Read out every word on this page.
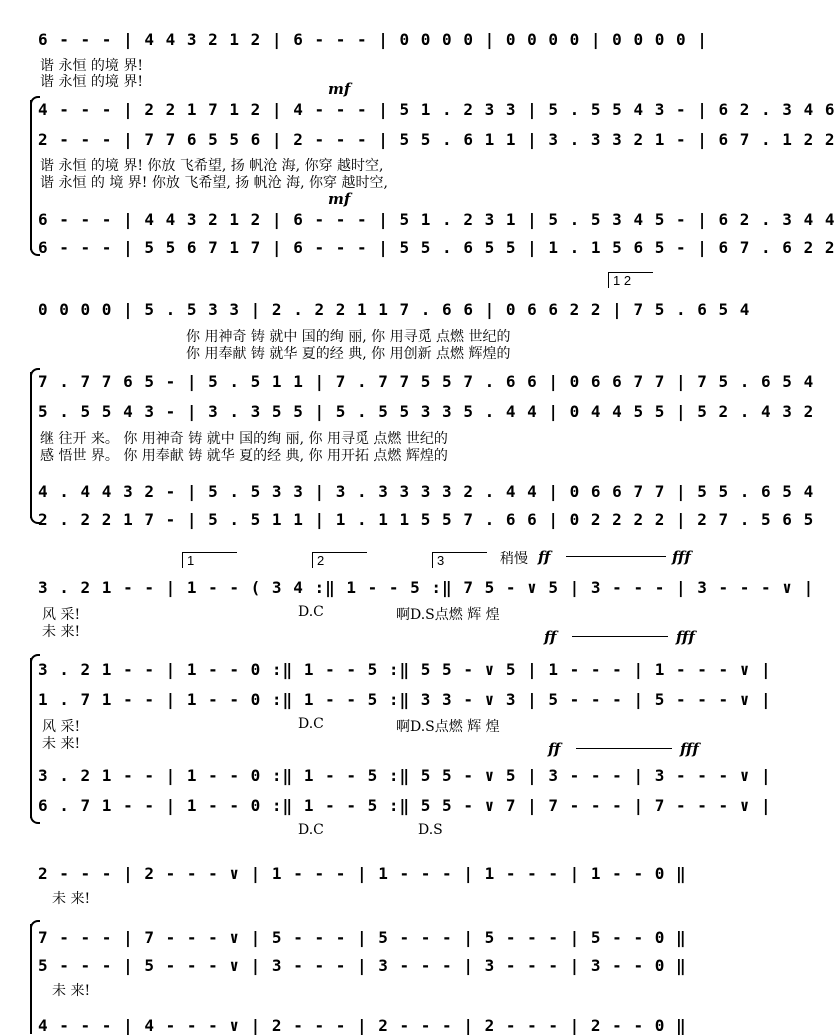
6 - - - | 4 4 3 2 1 2 | 6 - - - | 0 0 0 0 | 0 0 0 0 | 0 0 0 0 |
谐 永恒 的境 界!
谐 永恒 的境 界!	mf
4 - - - | 2 2 1 7 1 2 | 4 - - - | 5 1 . 2 3 3 | 5 . 5 5 4 3 - | 6 2 . 3 4 6
2 - - - | 7 7 6 5 5 6 | 2 - - - | 5 5 . 6 1 1 | 3 . 3 3 2 1 - | 6 7 . 1 2 2
谐 永恒 的境 界! 你放 飞希望, 扬 帆沧 海, 你穿 越时空,
谐 永恒 的 境 界! 你放 飞希望, 扬 帆沧 海, 你穿 越时空,
mf
6 - - - | 4 4 3 2 1 2 | 6 - - - | 5 1 . 2 3 1 | 5 . 5 3 4 5 - | 6 2 . 3 4 4
6 - - - | 5 5 6 7 1 7 | 6 - - - | 5 5 . 6 5 5 | 1 . 1 5 6 5 - | 6 7 . 6 2 2
1 2
0 0 0 0 | 5 . 5 3 3 | 2 . 2 2 1 1 7 . 6 6 | 0 6 6 2 2 | 7 5 . 6 5 4
你 用神奇 铸 就中 国的绚 丽, 你 用寻觅 点燃 世纪的
你 用奉献 铸 就华 夏的经 典, 你 用创新 点燃 辉煌的
7 . 7 7 6 5 - | 5 . 5 1 1 | 7 . 7 7 5 5 7 . 6 6 | 0 6 6 7 7 | 7 5 . 6 5 4
5 . 5 5 4 3 - | 3 . 3 5 5 | 5 . 5 5 3 3 5 . 4 4 | 0 4 4 5 5 | 5 2 . 4 3 2
继 往开 来。 你 用神奇 铸 就中 国的绚 丽, 你 用寻觅 点燃 世纪的
感 悟世 界。 你 用奉献 铸 就华 夏的经 典, 你 用开拓 点燃 辉煌的
4 . 4 4 3 2 - | 5 . 5 3 3 | 3 . 3 3 3 3 2 . 4 4 | 0 6 6 7 7 | 5 5 . 6 5 4
2 . 2 2 1 7 - | 5 . 5 1 1 | 1 . 1 1 5 5 7 . 6 6 | 0 2 2 2 2 | 2 7 . 5 6 5
1	2	3	稍慢 ff	fff
3 . 2 1 - - | 1 - - ( 3 4 :‖ 1 - - 5 :‖ 7 5 - ∨ 5 | 3 - - - | 3 - - - ∨ |
风 采!
未 来!
D.C	啊D.S点燃 辉 煌
ff	fff
3 . 2 1 - - | 1 - - 0 :‖ 1 - - 5 :‖ 5 5 - ∨ 5 | 1 - - - | 1 - - - ∨ |
1 . 7 1 - - | 1 - - 0 :‖ 1 - - 5 :‖ 3 3 - ∨ 3 | 5 - - - | 5 - - - ∨ |
风 采!
未 来!
D.C	啊D.S点燃 辉 煌
ff	fff
3 . 2 1 - - | 1 - - 0 :‖ 1 - - 5 :‖ 5 5 - ∨ 5 | 3 - - - | 3 - - - ∨ |
6 . 7 1 - - | 1 - - 0 :‖ 1 - - 5 :‖ 5 5 - ∨ 7 | 7 - - - | 7 - - - ∨ |
D.C	D.S
2 - - - | 2 - - - ∨ | 1 - - - | 1 - - - | 1 - - - | 1 - - 0 ‖
未 来!
7 - - - | 7 - - - ∨ | 5 - - - | 5 - - - | 5 - - - | 5 - - 0 ‖
5 - - - | 5 - - - ∨ | 3 - - - | 3 - - - | 3 - - - | 3 - - 0 ‖
未 来!
4 - - - | 4 - - - ∨ | 2 - - - | 2 - - - | 2 - - - | 2 - - 0 ‖
